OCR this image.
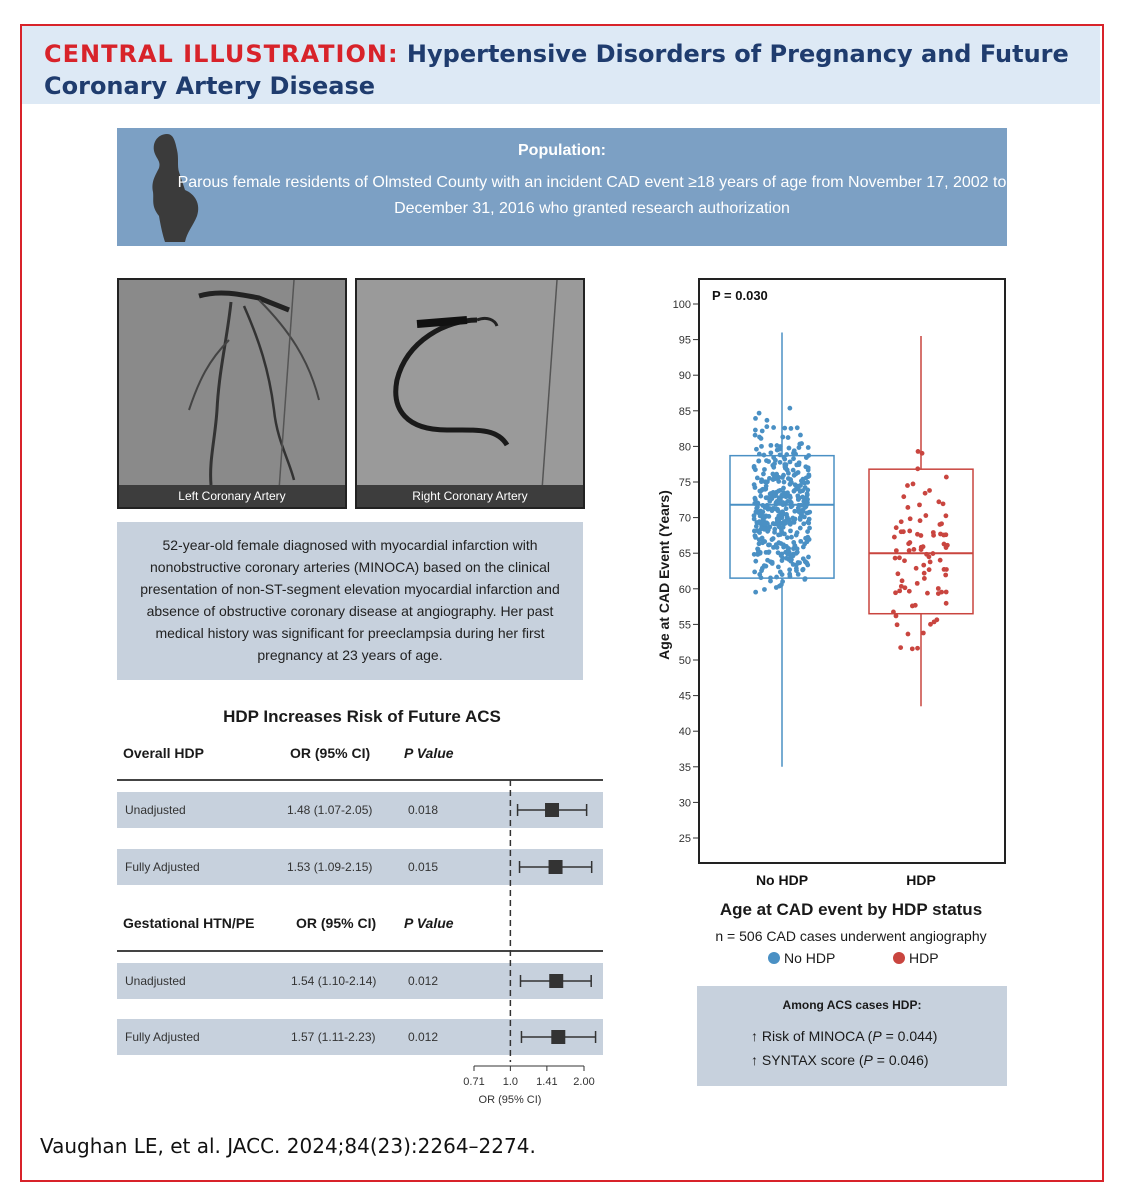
CENTRAL ILLUSTRATION: Hypertensive Disorders of Pregnancy and Future Coronary Artery Disease
Population:
Parous female residents of Olmsted County with an incident CAD event ≥18 years of age from November 17, 2002 to December 31, 2016 who granted research authorization
Left Coronary Artery	Right Coronary Artery
52-year-old female diagnosed with myocardial infarction with nonobstructive coronary arteries (MINOCA) based on the clinical presentation of non-ST-segment elevation myocardial infarction and absence of obstructive coronary disease at angiography. Her past medical history was significant for preeclampsia during her first pregnancy at 23 years of age.
HDP Increases Risk of Future ACS
Overall HDP	OR (95% CI) P Value
Unadjusted	1.48 (1.07-2.05)	0.018
Fully Adjusted	1.53 (1.09-2.15)	0.015
Gestational HTN/PE	OR (95% CI) P Value
Unadjusted	1.54 (1.10-2.14)	0.012
Fully Adjusted	1.57 (1.11-2.23)	0.012
0.71 1.0 1.41 2.00
OR (95% CI)
25
30
35
40
45
50
55
60
65
70
75
80
85
90
95
100
P = 0.030
No HDP	HDP
Age at CAD Event (Years)
Age at CAD event by HDP status
n = 506 CAD cases underwent angiography
No HDP	HDP
Among ACS cases HDP:
↑ Risk of MINOCA (P = 0.044)
↑ SYNTAX score (P = 0.046)
Vaughan LE, et al. JACC. 2024;84(23):2264–2274.
